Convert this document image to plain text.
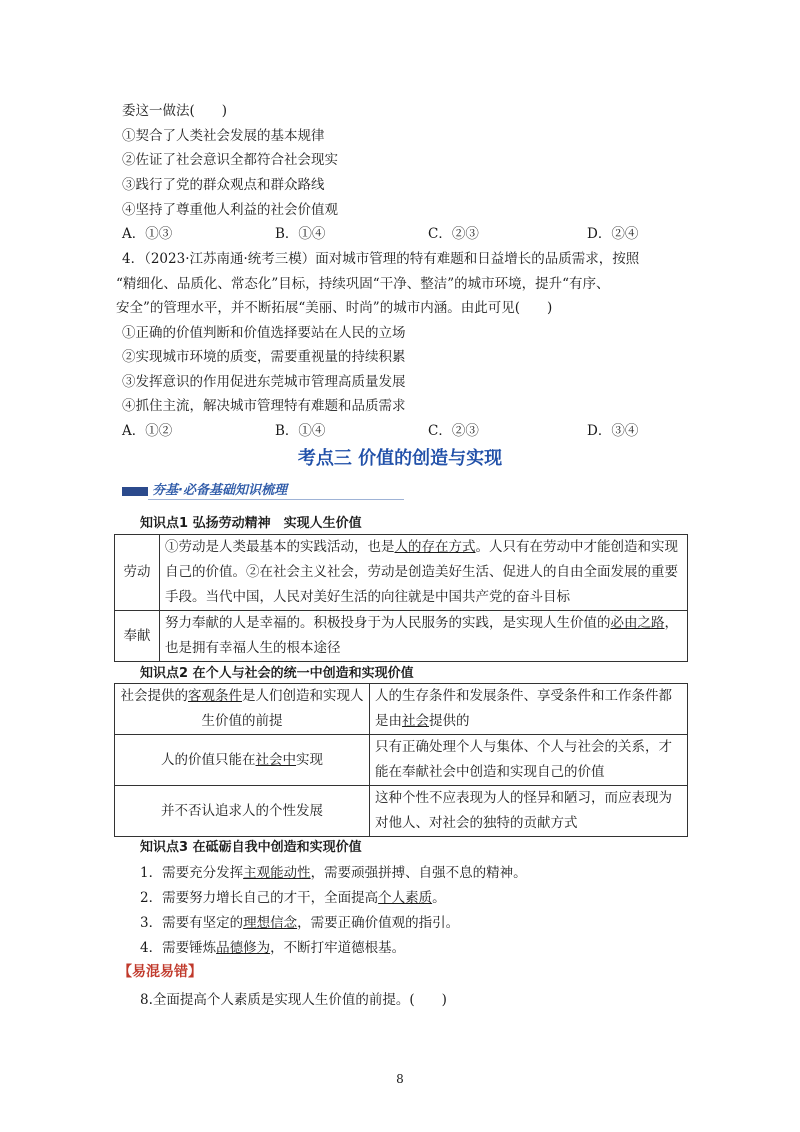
委这一做法(　　)
①契合了人类社会发展的基本规律
②佐证了社会意识全都符合社会现实
③践行了党的群众观点和群众路线
④坚持了尊重他人利益的社会价值观
A．①③	B．①④	C．②③	D．②④
4．（2023·江苏南通·统考三模）面对城市管理的特有难题和日益增长的品质需求，按照
“精细化、品质化、常态化”目标，持续巩固“干净、整洁”的城市环境，提升“有序、
安全”的管理水平，并不断拓展“美丽、时尚”的城市内涵。由此可见(　　)
①正确的价值判断和价值选择要站在人民的立场
②实现城市环境的质变，需要重视量的持续积累
③发挥意识的作用促进东莞城市管理高质量发展
④抓住主流，解决城市管理特有难题和品质需求
A．①②	B．①④	C．②③	D．③④
考点三 价值的创造与实现
夯基·必备基础知识梳理
知识点1 弘扬劳动精神　实现人生价值
劳动	①劳动是人类最基本的实践活动，也是人的存在方式。人只有在劳动中才能创造和实现自己的价值。②在社会主义社会，劳动是创造美好生活、促进人的自由全面发展的重要手段。当代中国，人民对美好生活的向往就是中国共产党的奋斗目标
奉献	努力奉献的人是幸福的。积极投身于为人民服务的实践，是实现人生价值的必由之路，也是拥有幸福人生的根本途径
知识点2 在个人与社会的统一中创造和实现价值
社会提供的客观条件是人们创造和实现人生价值的前提	人的生存条件和发展条件、享受条件和工作条件都是由社会提供的
人的价值只能在社会中实现	只有正确处理个人与集体、个人与社会的关系，才能在奉献社会中创造和实现自己的价值
并不否认追求人的个性发展	这种个性不应表现为人的怪异和陋习，而应表现为对他人、对社会的独特的贡献方式
知识点3 在砥砺自我中创造和实现价值
1．需要充分发挥主观能动性，需要顽强拼搏、自强不息的精神。
2．需要努力增长自己的才干，全面提高个人素质。
3．需要有坚定的理想信念，需要正确价值观的指引。
4．需要锤炼品德修为，不断打牢道德根基。
【易混易错】
8.全面提高个人素质是实现人生价值的前提。(　　)
8
